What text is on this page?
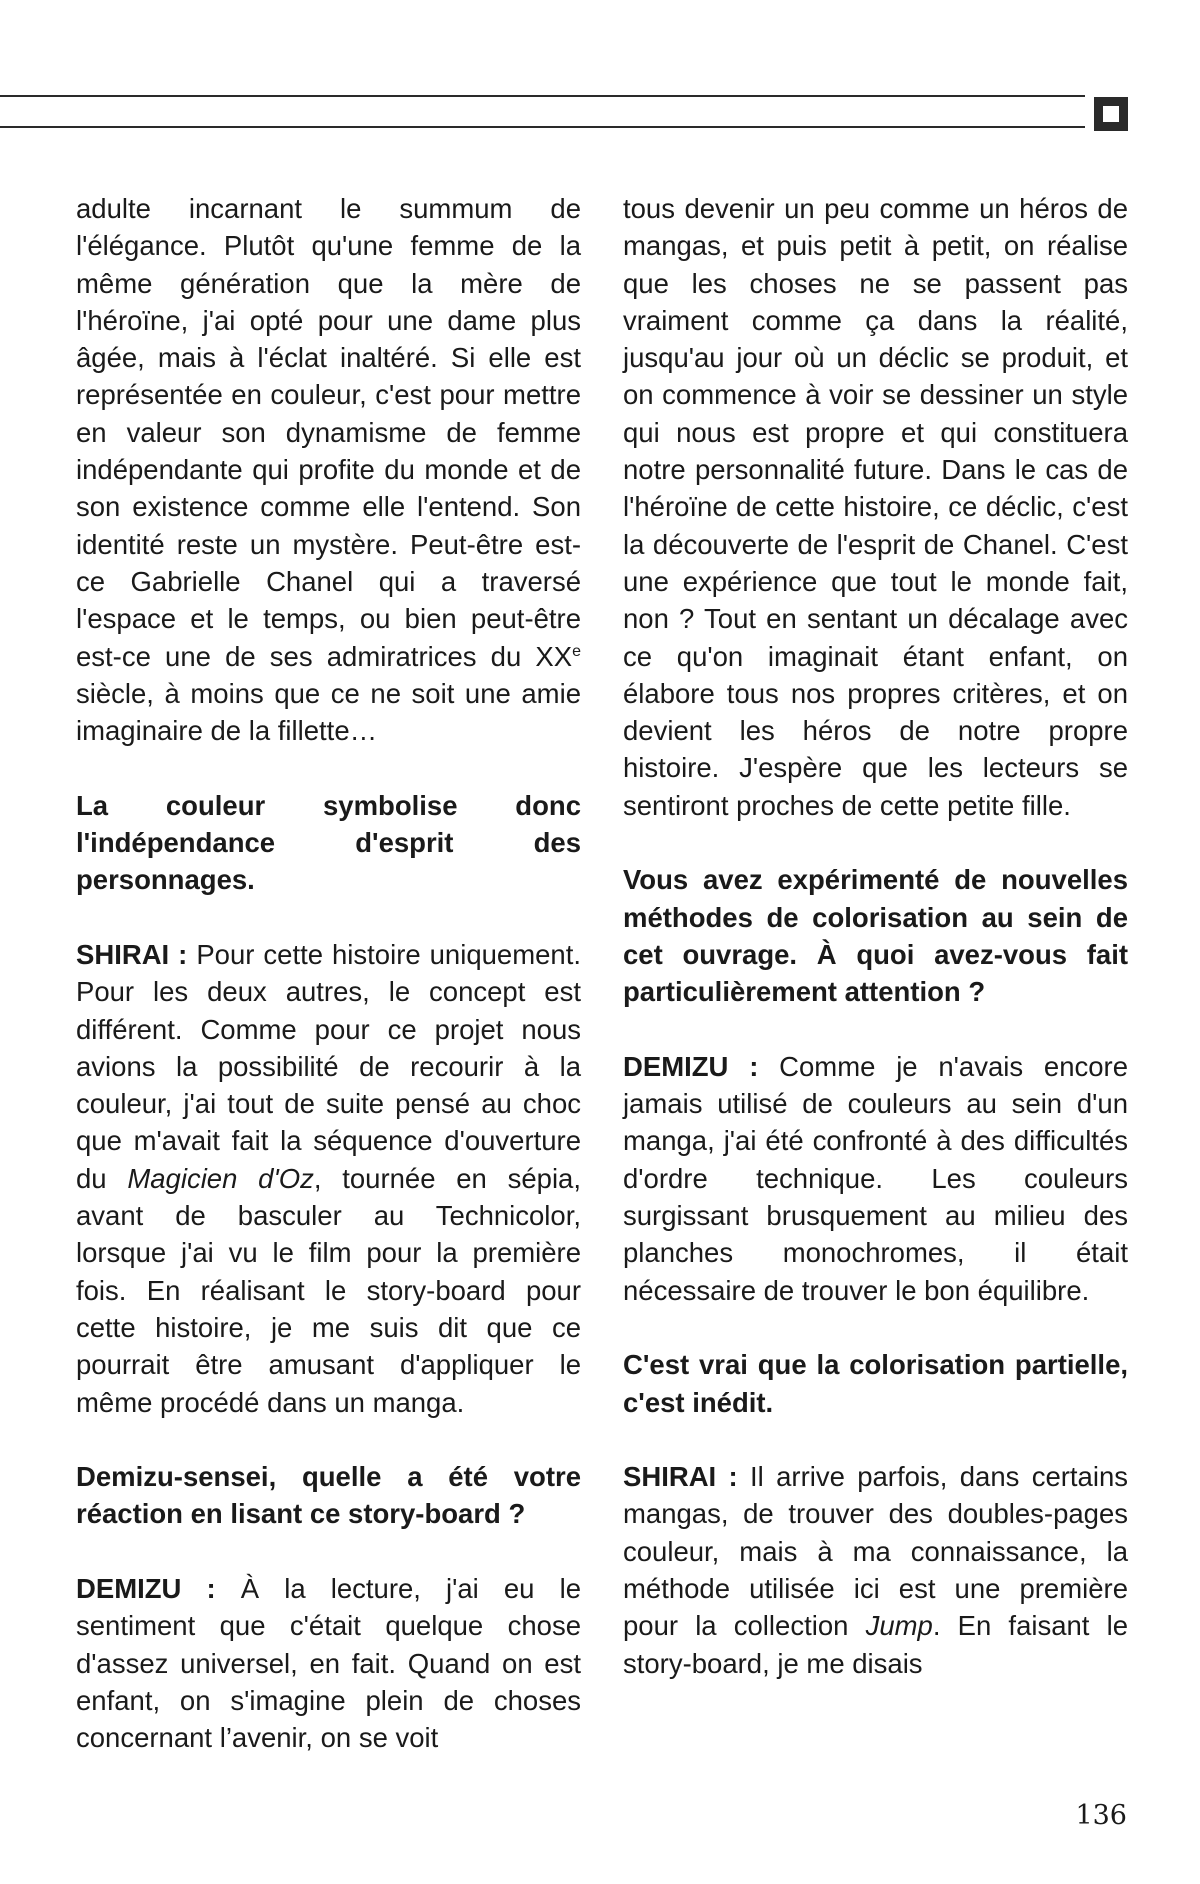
adulte incarnant le summum de l'élégance. Plutôt qu'une femme de la même génération que la mère de l'héroïne, j'ai opté pour une dame plus âgée, mais à l'éclat inaltéré. Si elle est représentée en couleur, c'est pour mettre en valeur son dynamisme de femme indépendante qui profite du monde et de son existence comme elle l'entend. Son identité reste un mystère. Peut-être est-ce Gabrielle Chanel qui a traversé l'espace et le temps, ou bien peut-être est-ce une de ses admiratrices du XXe siècle, à moins que ce ne soit une amie imaginaire de la fillette…

La couleur symbolise donc l'indépendance d'esprit des personnages.

SHIRAI : Pour cette histoire uniquement. Pour les deux autres, le concept est différent. Comme pour ce projet nous avions la possibilité de recourir à la couleur, j'ai tout de suite pensé au choc que m'avait fait la séquence d'ouverture du Magicien d'Oz, tournée en sépia, avant de basculer au Technicolor, lorsque j'ai vu le film pour la première fois. En réalisant le story-board pour cette histoire, je me suis dit que ce pourrait être amusant d'appliquer le même procédé dans un manga.

Demizu-sensei, quelle a été votre réaction en lisant ce story-board ?

DEMIZU : À la lecture, j'ai eu le sentiment que c'était quelque chose d'assez universel, en fait. Quand on est enfant, on s'imagine plein de choses concernant l’avenir, on se voit

tous devenir un peu comme un héros de mangas, et puis petit à petit, on réalise que les choses ne se passent pas vraiment comme ça dans la réalité, jusqu'au jour où un déclic se produit, et on commence à voir se dessiner un style qui nous est propre et qui constituera notre personnalité future. Dans le cas de l'héroïne de cette histoire, ce déclic, c'est la découverte de l'esprit de Chanel. C'est une expérience que tout le monde fait, non ? Tout en sentant un décalage avec ce qu'on imaginait étant enfant, on élabore tous nos propres critères, et on devient les héros de notre propre histoire. J'espère que les lecteurs se sentiront proches de cette petite fille.

Vous avez expérimenté de nouvelles méthodes de colorisation au sein de cet ouvrage. À quoi avez-vous fait particulièrement attention ?

DEMIZU : Comme je n'avais encore jamais utilisé de couleurs au sein d'un manga, j'ai été confronté à des difficultés d'ordre technique. Les couleurs surgissant brusquement au milieu des planches monochromes, il était nécessaire de trouver le bon équilibre.

C'est vrai que la colorisation partielle, c'est inédit.

SHIRAI : Il arrive parfois, dans certains mangas, de trouver des doubles-pages couleur, mais à ma connaissance, la méthode utilisée ici est une première pour la collection Jump. En faisant le story-board, je me disais

136
